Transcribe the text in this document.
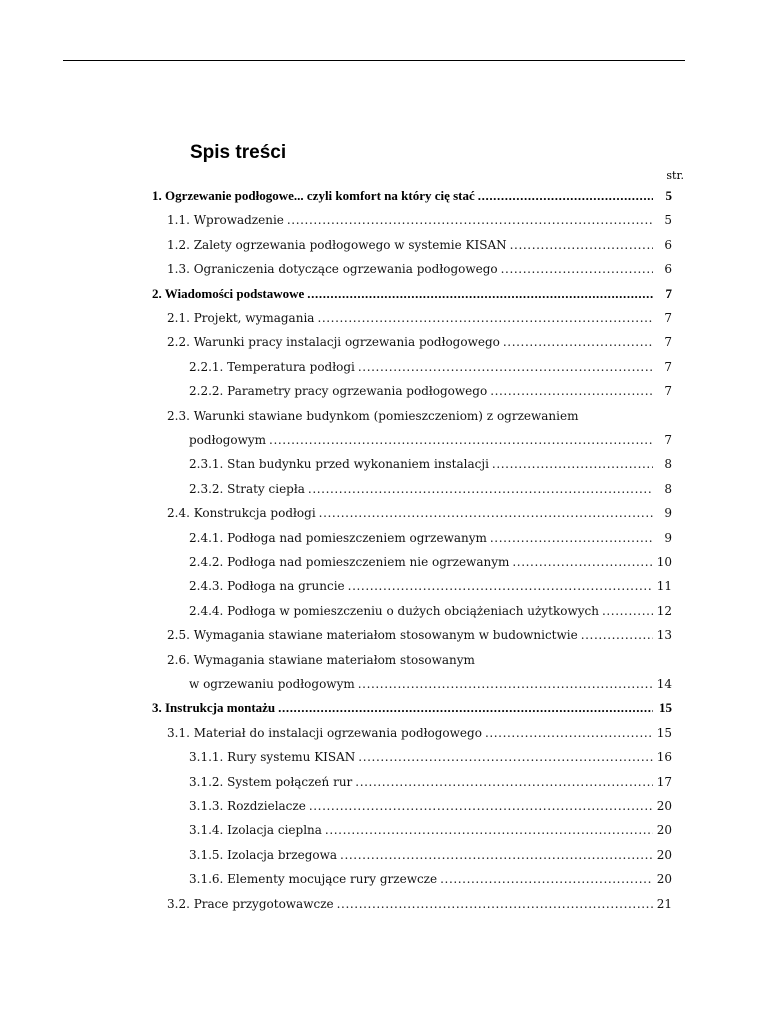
Spis treści
str.
1. Ogrzewanie podłogowe... czyli komfort na który cię stać .....	5
1.1. Wprowadzenie .....	5
1.2. Zalety ogrzewania podłogowego w systemie KISAN .....	6
1.3. Ograniczenia dotyczące ogrzewania podłogowego .....	6
2. Wiadomości podstawowe .....	7
2.1. Projekt, wymagania .....	7
2.2. Warunki pracy instalacji ogrzewania podłogowego .....	7
2.2.1. Temperatura podłogi .....	7
2.2.2. Parametry pracy ogrzewania podłogowego .....	7
2.3. Warunki stawiane budynkom (pomieszczeniom) z ogrzewaniem
podłogowym .....	7
2.3.1. Stan budynku przed wykonaniem instalacji .....	8
2.3.2. Straty ciepła .....	8
2.4. Konstrukcja podłogi .....	9
2.4.1. Podłoga nad pomieszczeniem ogrzewanym .....	9
2.4.2. Podłoga nad pomieszczeniem nie ogrzewanym .....	10
2.4.3. Podłoga na gruncie .....	11
2.4.4. Podłoga w pomieszczeniu o dużych obciążeniach użytkowych .....	12
2.5. Wymagania stawiane materiałom stosowanym w budownictwie .....	13
2.6. Wymagania stawiane materiałom stosowanym
w ogrzewaniu podłogowym .....	14
3. Instrukcja montażu .....	15
3.1. Materiał do instalacji ogrzewania podłogowego .....	15
3.1.1. Rury systemu KISAN .....	16
3.1.2. System połączeń rur .....	17
3.1.3. Rozdzielacze .....	20
3.1.4. Izolacja cieplna .....	20
3.1.5. Izolacja brzegowa .....	20
3.1.6. Elementy mocujące rury grzewcze .....	20
3.2. Prace przygotowawcze .....	21
